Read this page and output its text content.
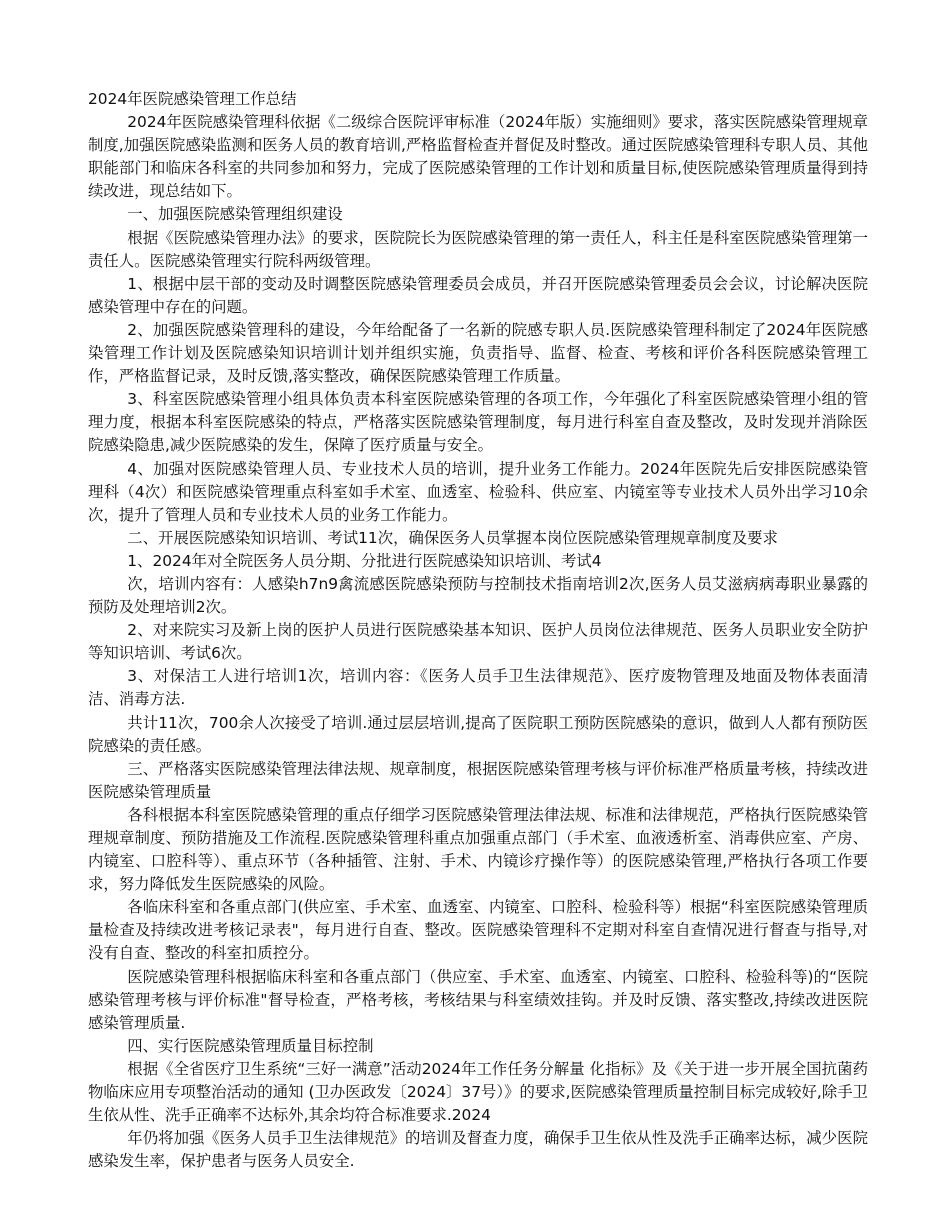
2024年医院感染管理工作总结

2024年医院感染管理科依据《二级综合医院评审标准（2024年版）实施细则》要求，落实医院感染管理规章制度,加强医院感染监测和医务人员的教育培训,严格监督检查并督促及时整改。通过医院感染管理科专职人员、其他职能部门和临床各科室的共同参加和努力，完成了医院感染管理的工作计划和质量目标,使医院感染管理质量得到持续改进，现总结如下。

一、加强医院感染管理组织建设

根据《医院感染管理办法》的要求，医院院长为医院感染管理的第一责任人，科主任是科室医院感染管理第一责任人。医院感染管理实行院科两级管理。

1、根据中层干部的变动及时调整医院感染管理委员会成员，并召开医院感染管理委员会会议，讨论解决医院感染管理中存在的问题。

2、加强医院感染管理科的建设，今年给配备了一名新的院感专职人员.医院感染管理科制定了2024年医院感染管理工作计划及医院感染知识培训计划并组织实施，负责指导、监督、检查、考核和评价各科医院感染管理工作，严格监督记录，及时反馈,落实整改，确保医院感染管理工作质量。

3、科室医院感染管理小组具体负责本科室医院感染管理的各项工作，今年强化了科室医院感染管理小组的管理力度，根据本科室医院感染的特点，严格落实医院感染管理制度，每月进行科室自查及整改，及时发现并消除医院感染隐患,减少医院感染的发生，保障了医疗质量与安全。

4、加强对医院感染管理人员、专业技术人员的培训，提升业务工作能力。2024年医院先后安排医院感染管理科（4次）和医院感染管理重点科室如手术室、血透室、检验科、供应室、内镜室等专业技术人员外出学习10余次，提升了管理人员和专业技术人员的业务工作能力。

二、开展医院感染知识培训、考试11次，确保医务人员掌握本岗位医院感染管理规章制度及要求

1、2024年对全院医务人员分期、分批进行医院感染知识培训、考试4

次，培训内容有：人感染h7n9禽流感医院感染预防与控制技术指南培训2次,医务人员艾滋病病毒职业暴露的预防及处理培训2次。

2、对来院实习及新上岗的医护人员进行医院感染基本知识、医护人员岗位法律规范、医务人员职业安全防护等知识培训、考试6次。

3、对保洁工人进行培训1次，培训内容：《医务人员手卫生法律规范》、医疗废物管理及地面及物体表面清洁、消毒方法.

共计11次，700余人次接受了培训.通过层层培训,提高了医院职工预防医院感染的意识，做到人人都有预防医院感染的责任感。

三、严格落实医院感染管理法律法规、规章制度，根据医院感染管理考核与评价标准严格质量考核，持续改进医院感染管理质量

各科根据本科室医院感染管理的重点仔细学习医院感染管理法律法规、标准和法律规范，严格执行医院感染管理规章制度、预防措施及工作流程.医院感染管理科重点加强重点部门（手术室、血液透析室、消毒供应室、产房、内镜室、口腔科等）、重点环节（各种插管、注射、手术、内镜诊疗操作等）的医院感染管理,严格执行各项工作要求，努力降低发生医院感染的风险。

各临床科室和各重点部门(供应室、手术室、血透室、内镜室、口腔科、检验科等）根据“科室医院感染管理质量检查及持续改进考核记录表"，每月进行自查、整改。医院感染管理科不定期对科室自查情况进行督查与指导,对没有自查、整改的科室扣质控分。

医院感染管理科根据临床科室和各重点部门（供应室、手术室、血透室、内镜室、口腔科、检验科等)的“医院感染管理考核与评价标准"督导检查，严格考核，考核结果与科室绩效挂钩。并及时反馈、落实整改,持续改进医院感染管理质量.

四、实行医院感染管理质量目标控制

根据《全省医疗卫生系统“三好一满意”活动2024年工作任务分解量 化指标》及《关于进一步开展全国抗菌药物临床应用专项整治活动的通知 (卫办医政发〔2024〕37号）》的要求,医院感染管理质量控制目标完成较好,除手卫生依从性、洗手正确率不达标外,其余均符合标准要求.2024

年仍将加强《医务人员手卫生法律规范》的培训及督查力度，确保手卫生依从性及洗手正确率达标，减少医院感染发生率，保护患者与医务人员安全.
